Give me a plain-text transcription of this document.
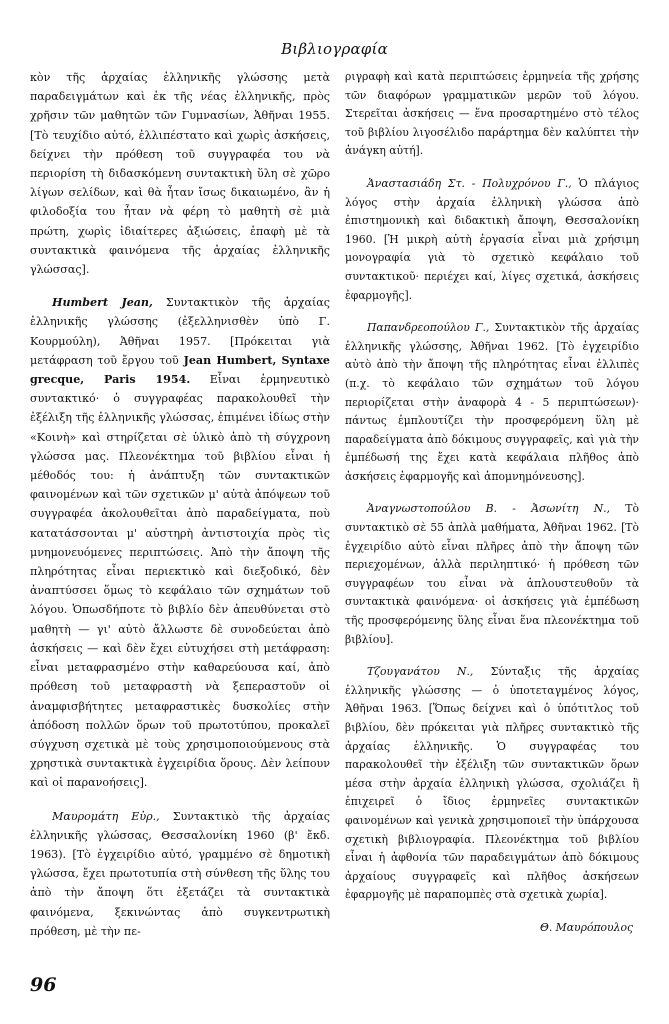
Βιβλιογραφία

κὸν τῆς ἀρχαίας ἑλληνικῆς γλώσσης μετὰ παραδειγμάτων καὶ ἐκ τῆς νέας ἑλληνικῆς, πρὸς χρῆσιν τῶν μαθητῶν τῶν Γυμνασίων, Ἀθῆναι 1955. [Τὸ τευχίδιο αὐτό, ἐλλιπέστατο καὶ χωρὶς ἀσκήσεις, δείχνει τὴν πρόθεση τοῦ συγγραφέα του νὰ περιορίση τὴ διδασκόμενη συντακτικὴ ὕλη σὲ χῶρο λίγων σελίδων, καὶ θὰ ἦταν ἴσως δικαιωμένο, ἂν ἡ φιλοδοξία του ἦταν νὰ φέρη τὸ μαθητὴ σὲ μιὰ πρώτη, χωρὶς ἰδιαίτερες ἀξιώσεις, ἐπαφὴ μὲ τὰ συντακτικὰ φαινόμενα τῆς ἀρχαίας ἑλληνικῆς γλώσσας].

Humbert Jean, Συντακτικὸν τῆς ἀρχαίας ἑλληνικῆς γλώσσης (ἐξελληνισθὲν ὑπὸ Γ. Κουρμούλη), Ἀθῆναι 1957. [Πρόκειται γιὰ μετάφραση τοῦ ἔργου τοῦ Jean Humbert, Syntaxe grecque, Paris 1954. Εἶναι ἑρμηνευτικὸ συντακτικό· ὁ συγγραφέας παρακολουθεῖ τὴν ἐξέλιξη τῆς ἑλληνικῆς γλώσσας, ἐπιμένει ἰδίως στὴν «Κοινὴ» καὶ στηρίζεται σὲ ὑλικὸ ἀπὸ τὴ σύγχρονη γλώσσα μας. Πλεονέκτημα τοῦ βιβλίου εἶναι ἡ μέθοδός του: ἡ ἀνάπτυξη τῶν συντακτικῶν φαινομένων καὶ τῶν σχετικῶν μ' αὐτὰ ἀπόψεων τοῦ συγγραφέα ἀκολουθεῖται ἀπὸ παραδείγματα, ποὺ κατατάσσονται μ' αὐστηρὴ ἀντιστοιχία πρὸς τὶς μνημονευόμενες περιπτώσεις. Ἀπὸ τὴν ἄποψη τῆς πληρότητας εἶναι περιεκτικὸ καὶ διεξοδικό, δὲν ἀναπτύσσει ὅμως τὸ κεφάλαιο τῶν σχημάτων τοῦ λόγου. Ὁπωσδήποτε τὸ βιβλίο δὲν ἀπευθύνεται στὸ μαθητὴ — γι' αὐτὸ ἄλλωστε δὲ συνοδεύεται ἀπὸ ἀσκήσεις — καὶ δὲν ἔχει εὐτυχήσει στὴ μετάφραση: εἶναι μεταφρασμένο στὴν καθαρεύουσα καί, ἀπὸ πρόθεση τοῦ μεταφραστὴ νὰ ξεπεραστοῦν οἱ ἀναμφισβήτητες μεταφραστικὲς δυσκολίες στὴν ἀπόδοση πολλῶν ὅρων τοῦ πρωτοτύπου, προκαλεῖ σύγχυση σχετικὰ μὲ τοὺς χρησιμοποιούμενους στὰ χρηστικὰ συντακτικὰ ἐγχειρίδια ὅρους. Δὲν λείπουν καὶ οἱ παρανοήσεις].

Μαυρομάτη Εὐρ., Συντακτικὸ τῆς ἀρχαίας ἑλληνικῆς γλώσσας, Θεσσαλονίκη 1960 (β' ἔκδ. 1963). [Τὸ ἐγχειρίδιο αὐτό, γραμμένο σὲ δημοτικὴ γλώσσα, ἔχει πρωτοτυπία στὴ σύνθεση τῆς ὕλης του ἀπὸ τὴν ἄποψη ὅτι ἐξετάζει τὰ συντακτικὰ φαινόμενα, ξεκινώντας ἀπὸ συγκεντρωτικὴ πρόθεση, μὲ τὴν πε-

ριγραφὴ καὶ κατὰ περιπτώσεις ἑρμηνεία τῆς χρήσης τῶν διαφόρων γραμματικῶν μερῶν τοῦ λόγου. Στερεῖται ἀσκήσεις — ἕνα προσαρτημένο στὸ τέλος τοῦ βιβλίου λιγοσέλιδο παράρτημα δὲν καλύπτει τὴν ἀνάγκη αὐτή].

Ἀναστασιάδη Στ. - Πολυχρόνου Γ., Ὁ πλάγιος λόγος στὴν ἀρχαία ἑλληνικὴ γλώσσα ἀπὸ ἐπιστημονικὴ καὶ διδακτικὴ ἄποψη, Θεσσαλονίκη 1960. [Ἡ μικρὴ αὐτὴ ἐργασία εἶναι μιὰ χρήσιμη μονογραφία γιὰ τὸ σχετικὸ κεφάλαιο τοῦ συντακτικοῦ· περιέχει καί, λίγες σχετικά, ἀσκήσεις ἐφαρμογῆς].

Παπανδρεοπούλου Γ., Συντακτικὸν τῆς ἀρχαίας ἑλληνικῆς γλώσσης, Ἀθῆναι 1962. [Τὸ ἐγχειρίδιο αὐτὸ ἀπὸ τὴν ἄποψη τῆς πληρότητας εἶναι ἐλλιπὲς (π.χ. τὸ κεφάλαιο τῶν σχημάτων τοῦ λόγου περιορίζεται στὴν ἀναφορὰ 4 - 5 περιπτώσεων)· πάντως ἐμπλουτίζει τὴν προσφερόμενη ὕλη μὲ παραδείγματα ἀπὸ δόκιμους συγγραφεῖς, καὶ γιὰ τὴν ἐμπέδωσή της ἔχει κατὰ κεφάλαια πλῆθος ἀπὸ ἀσκήσεις ἐφαρμογῆς καὶ ἀπομνημόνευσης].

Ἀναγνωστοπούλου Β. - Ἀσωνίτη Ν., Τὸ συντακτικὸ σὲ 55 ἁπλὰ μαθήματα, Ἀθῆναι 1962. [Τὸ ἐγχειρίδιο αὐτὸ εἶναι πλῆρες ἀπὸ τὴν ἄποψη τῶν περιεχομένων, ἀλλὰ περιληπτικό· ἡ πρόθεση τῶν συγγραφέων του εἶναι νὰ ἁπλουστευθοῦν τὰ συντακτικὰ φαινόμενα· οἱ ἀσκήσεις γιὰ ἐμπέδωση τῆς προσφερόμενης ὕλης εἶναι ἕνα πλεονέκτημα τοῦ βιβλίου].

Τζουγανάτου Ν., Σύνταξις τῆς ἀρχαίας ἑλληνικῆς γλώσσης — ὁ ὑποτεταγμένος λόγος, Ἀθῆναι 1963. [Ὅπως δείχνει καὶ ὁ ὑπότιτλος τοῦ βιβλίου, δὲν πρόκειται γιὰ πλῆρες συντακτικὸ τῆς ἀρχαίας ἑλληνικῆς. Ὁ συγγραφέας του παρακολουθεῖ τὴν ἐξέλιξη τῶν συντακτικῶν ὅρων μέσα στὴν ἀρχαία ἑλληνικὴ γλώσσα, σχολιάζει ἢ ἐπιχειρεῖ ὁ ἴδιος ἑρμηνεῖες συντακτικῶν φαινομένων καὶ γενικὰ χρησιμοποιεῖ τὴν ὑπάρχουσα σχετικὴ βιβλιογραφία. Πλεονέκτημα τοῦ βιβλίου εἶναι ἡ ἀφθονία τῶν παραδειγμάτων ἀπὸ δόκιμους ἀρχαίους συγγραφεῖς καὶ πλῆθος ἀσκήσεων ἐφαρμογῆς μὲ παραπομπὲς στὰ σχετικὰ χωρία].

Θ. Μαυρόπουλος

96
